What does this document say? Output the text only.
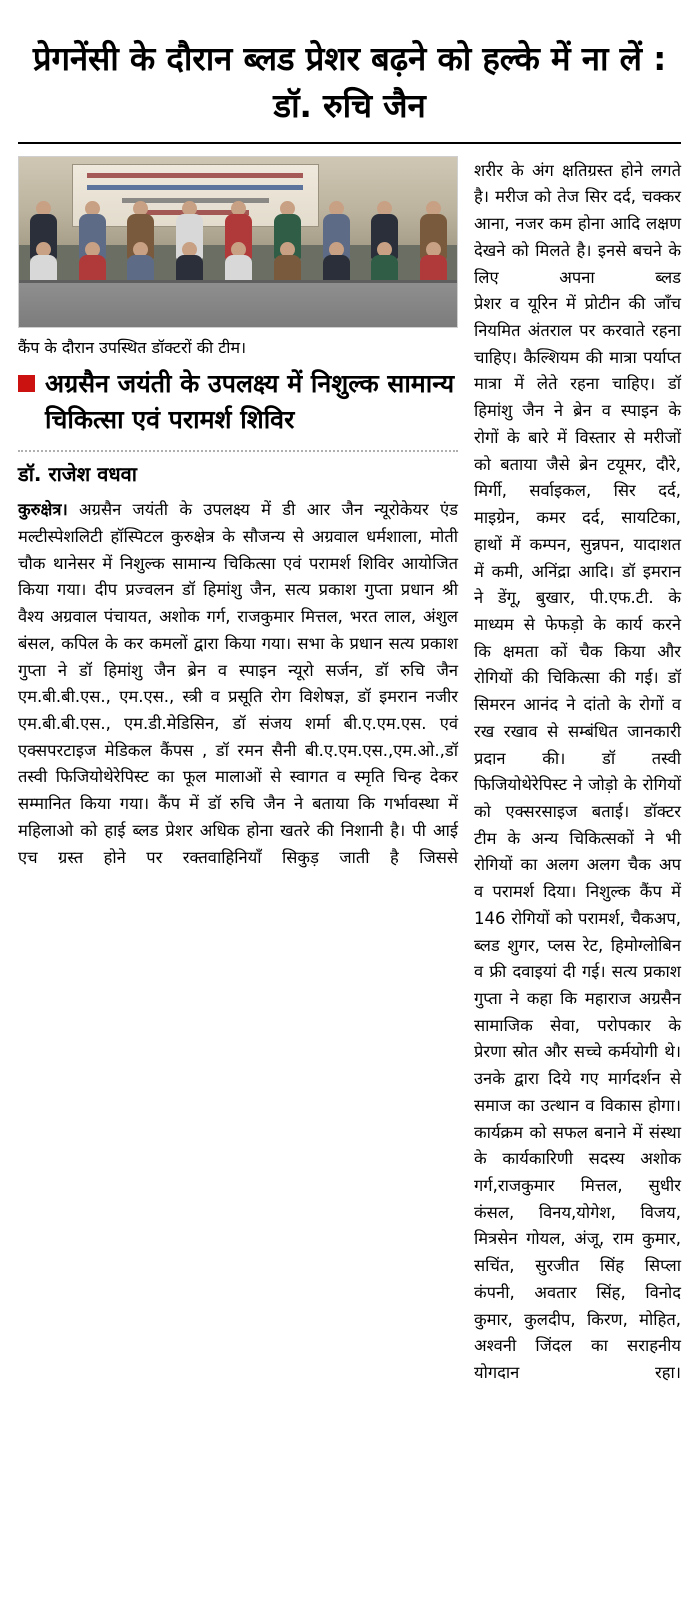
प्रेगनेंसी के दौरान ब्लड प्रेशर बढ़ने को हल्के में ना लें : डॉ. रुचि जैन
कैंप के दौरान उपस्थित डॉक्टरों की टीम।
अग्रसैन जयंती के उपलक्ष्य में निशुल्क सामान्य चिकित्सा एवं परामर्श शिविर
डॉ. राजेश वधवा
कुरुक्षेत्र। अग्रसैन जयंती के उपलक्ष्य में डी आर जैन न्यूरोकेयर एंड मल्टीस्पेशलिटी हॉस्पिटल कुरुक्षेत्र के सौजन्य से अग्रवाल धर्मशाला, मोती चौक थानेसर में निशुल्क सामान्य चिकित्सा एवं परामर्श शिविर आयोजित किया गया। दीप प्रज्वलन डॉ हिमांशु जैन, सत्य प्रकाश गुप्ता प्रधान श्री वैश्य अग्रवाल पंचायत, अशोक गर्ग, राजकुमार मित्तल, भरत लाल, अंशुल बंसल, कपिल के कर कमलों द्वारा किया गया। सभा के प्रधान सत्य प्रकाश गुप्ता ने डॉ हिमांशु जैन ब्रेन व स्पाइन न्यूरो सर्जन, डॉ रुचि जैन एम.बी.बी.एस., एम.एस., स्त्री व प्रसूति रोग विशेषज्ञ, डॉ इमरान नजीर एम.बी.बी.एस., एम.डी.मेडिसिन, डॉ संजय शर्मा बी.ए.एम.एस. एवं एक्सपरटाइज मेडिकल कैंपस , डॉ रमन सैनी बी.ए.एम.एस.,एम.ओ.,डॉ तस्वी फिजियोथेरेपिस्ट का फूल मालाओं से स्वागत व स्मृति चिन्ह देकर सम्मानित किया गया। कैंप में डॉ रुचि जैन ने बताया कि गर्भावस्था में महिलाओ को हाई ब्लड प्रेशर अधिक होना खतरे की निशानी है। पी आई एच ग्रस्त होने पर रक्तवाहिनियाँ सिकुड़ जाती है जिससे
शरीर के अंग क्षतिग्रस्त होने लगते है। मरीज को तेज सिर दर्द, चक्कर आना, नजर कम होना आदि लक्षण देखने को मिलते है। इनसे बचने के लिए अपना ब्लड
प्रेशर व यूरिन में प्रोटीन की जाँच नियमित अंतराल पर करवाते रहना चाहिए। कैल्शियम की मात्रा पर्याप्त मात्रा में लेते रहना चाहिए। डॉ हिमांशु जैन ने ब्रेन व स्पाइन के रोगों के बारे में विस्तार से मरीजों को बताया जैसे ब्रेन टयूमर, दौरे, मिर्गी, सर्वाइकल, सिर दर्द, माइग्रेन, कमर दर्द, सायटिका, हाथों में कम्पन, सुन्नपन, यादाशत में कमी, अनिंद्रा आदि। डॉ इमरान ने डेंगू, बुखार, पी.एफ.टी. के माध्यम से फेफड़ो के कार्य करने कि क्षमता कों चैक किया और रोगियों की चिकित्सा की गई। डॉ सिमरन आनंद ने दांतो के रोगों व रख रखाव से सम्बंधित जानकारी प्रदान की। डॉ तस्वी फिजियोथेरेपिस्ट ने जोड़ो के रोगियों को एक्सरसाइज बताई। डॉक्टर टीम के अन्य चिकित्सकों ने भी रोगियों का अलग अलग चैक अप व परामर्श दिया। निशुल्क कैंप में 146 रोगियों को परामर्श, चैकअप, ब्लड शुगर, प्लस रेट, हिमोग्लोबिन व फ्री दवाइयां दी गई। सत्य प्रकाश गुप्ता ने कहा कि महाराज अग्रसैन सामाजिक सेवा, परोपकार के प्रेरणा स्रोत और सच्चे कर्मयोगी थे। उनके द्वारा दिये गए मार्गदर्शन से समाज का उत्थान व विकास होगा। कार्यक्रम को सफल बनाने में संस्था के कार्यकारिणी सदस्य अशोक गर्ग,राजकुमार मित्तल, सुधीर कंसल, विनय,योगेश, विजय, मित्रसेन गोयल, अंजू, राम कुमार, सचिंत, सुरजीत सिंह सिप्ला कंपनी, अवतार सिंह, विनोद कुमार, कुलदीप, किरण, मोहित, अश्वनी जिंदल का सराहनीय योगदान रहा।
